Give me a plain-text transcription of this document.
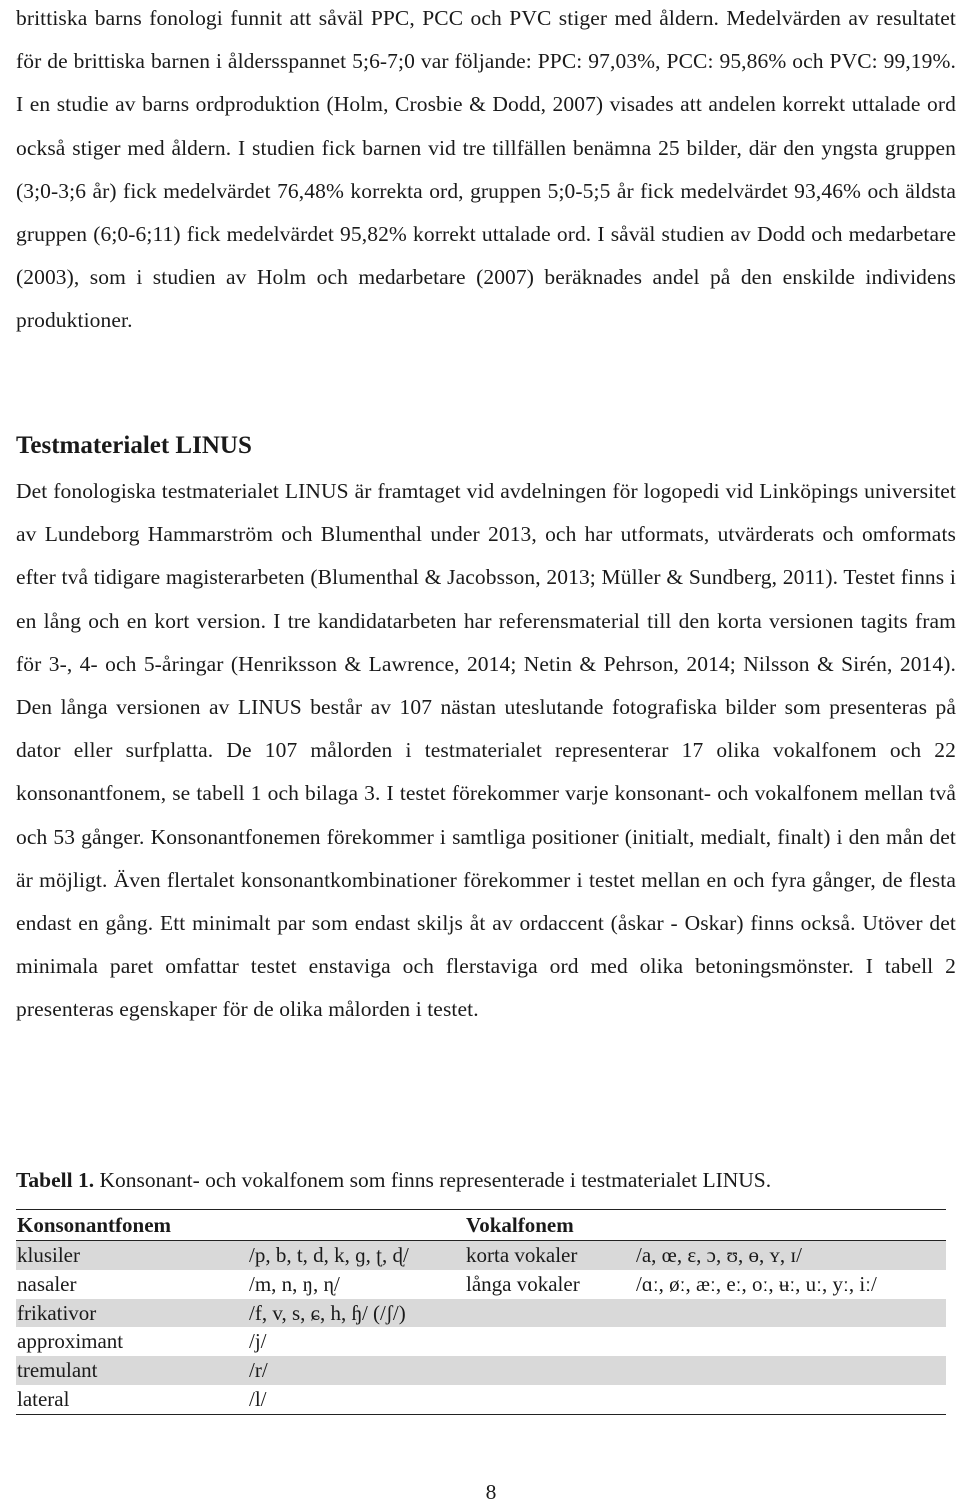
brittiska barns fonologi funnit att såväl PPC, PCC och PVC stiger med åldern. Medelvärden av resultatet för de brittiska barnen i åldersspannet 5;6-7;0 var följande: PPC: 97,03%, PCC: 95,86% och PVC: 99,19%. I en studie av barns ordproduktion (Holm, Crosbie & Dodd, 2007) visades att andelen korrekt uttalade ord också stiger med åldern. I studien fick barnen vid tre tillfällen benämna 25 bilder, där den yngsta gruppen (3;0-3;6 år) fick medelvärdet 76,48% korrekta ord, gruppen 5;0-5;5 år fick medelvärdet 93,46% och äldsta gruppen (6;0-6;11) fick medelvärdet 95,82% korrekt uttalade ord. I såväl studien av Dodd och medarbetare (2003), som i studien av Holm och medarbetare (2007) beräknades andel på den enskilde individens produktioner.

Testmaterialet LINUS

Det fonologiska testmaterialet LINUS är framtaget vid avdelningen för logopedi vid Linköpings universitet av Lundeborg Hammarström och Blumenthal under 2013, och har utformats, utvärderats och omformats efter två tidigare magisterarbeten (Blumenthal & Jacobsson, 2013; Müller & Sundberg, 2011). Testet finns i en lång och en kort version. I tre kandidatarbeten har referensmaterial till den korta versionen tagits fram för 3-, 4- och 5-åringar (Henriksson & Lawrence, 2014; Netin & Pehrson, 2014; Nilsson & Sirén, 2014). Den långa versionen av LINUS består av 107 nästan uteslutande fotografiska bilder som presenteras på dator eller surfplatta. De 107 målorden i testmaterialet representerar 17 olika vokalfonem och 22 konsonantfonem, se tabell 1 och bilaga 3. I testet förekommer varje konsonant- och vokalfonem mellan två och 53 gånger. Konsonantfonemen förekommer i samtliga positioner (initialt, medialt, finalt) i den mån det är möjligt. Även flertalet konsonantkombinationer förekommer i testet mellan en och fyra gånger, de flesta endast en gång. Ett minimalt par som endast skiljs åt av ordaccent (åskar - Oskar) finns också. Utöver det minimala paret omfattar testet enstaviga och flerstaviga ord med olika betoningsmönster. I tabell 2 presenteras egenskaper för de olika målorden i testet.

Tabell 1. Konsonant- och vokalfonem som finns representerade i testmaterialet LINUS.

Konsonantfonem		Vokalfonem	
klusiler	/p, b, t, d, k, ɡ, ʈ, ɖ/	korta vokaler	/a, œ, ɛ, ɔ, ʊ, ɵ, ʏ, ɪ/
nasaler	/m, n, ŋ, ɳ/	långa vokaler	/ɑː, øː, æː, eː, oː, ʉː, uː, yː, iː/
frikativor	/f, v, s, ɕ, h, ɧ/ (/ʃ/)		
approximant	/j/		
tremulant	/r/		
lateral	/l/		

8
